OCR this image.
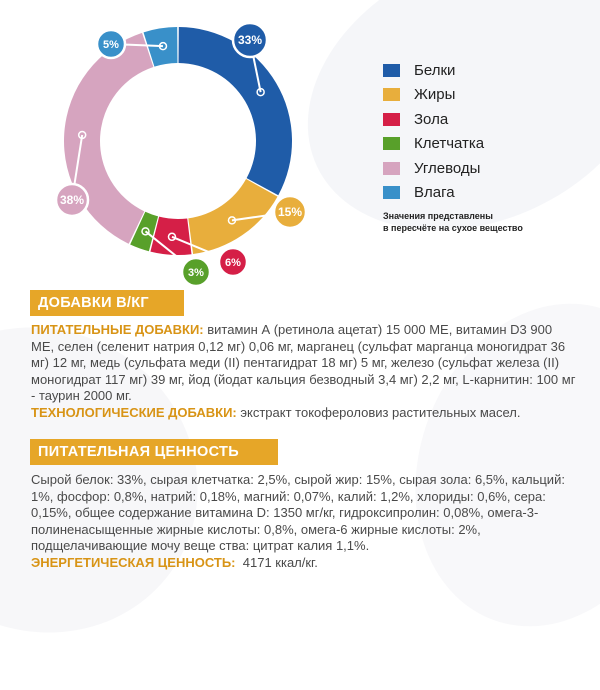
33%
15%
6%
3%
38%
5%
Белки
Жиры
Зола
Клетчатка
Углеводы
Влага
Значения представлены
в пересчёте на сухое вещество
ДОБАВКИ В/КГ
ПИТАТЕЛЬНЫЕ ДОБАВКИ: витамин А (ретинола ацетат) 15 000 МЕ, витамин D3 900 МЕ, селен (селенит натрия 0,12 мг) 0,06 мг, марганец (сульфат марганца моногидрат 36 мг) 12 мг, медь (сульфата меди (II) пентагидрат 18 мг) 5 мг, железо (сульфат железа (II) моногидрат 117 мг) 39 мг, йод (йодат кальция безводный 3,4 мг) 2,2 мг, L-карнитин: 100 мг - таурин 2000 мг.
ТЕХНОЛОГИЧЕСКИЕ ДОБАВКИ: экстракт токофероловиз растительных масел.
ПИТАТЕЛЬНАЯ ЦЕННОСТЬ
Сырой белок: 33%, сырая клетчатка: 2,5%, сырой жир: 15%, сырая зола: 6,5%, кальций: 1%, фосфор: 0,8%, натрий: 0,18%, магний: 0,07%, калий: 1,2%, хлориды: 0,6%, сера: 0,15%, общее содержание витамина D: 1350 мг/кг, гидроксипролин: 0,08%, омега-3-полиненасыщенные жирные кислоты: 0,8%, омега-6 жирные кислоты: 2%, подщелачивающие мочу веще ства: цитрат калия 1,1%.
ЭНЕРГЕТИЧЕСКАЯ ЦЕННОСТЬ: 4171 ккал/кг.
